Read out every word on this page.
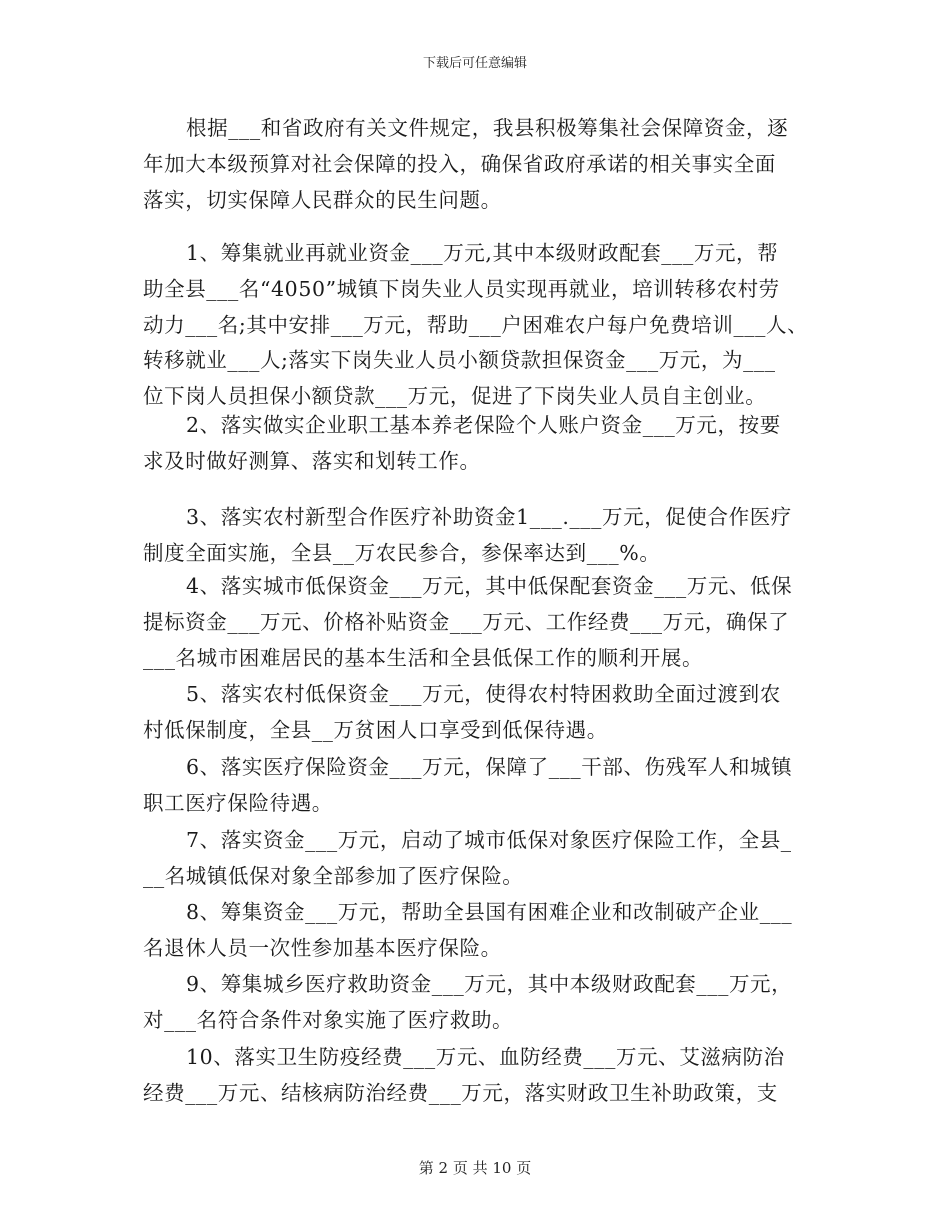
下载后可任意编辑
根据___和省政府有关文件规定，我县积极筹集社会保障资金，逐
年加大本级预算对社会保障的投入，确保省政府承诺的相关事实全面
落实，切实保障人民群众的民生问题。
1、筹集就业再就业资金___万元,其中本级财政配套___万元，帮
助全县___名“4050”城镇下岗失业人员实现再就业，培训转移农村劳
动力___名;其中安排___万元，帮助___户困难农户每户免费培训___人、
转移就业___人;落实下岗失业人员小额贷款担保资金___万元，为___
位下岗人员担保小额贷款___万元，促进了下岗失业人员自主创业。
2、落实做实企业职工基本养老保险个人账户资金___万元，按要
求及时做好测算、落实和划转工作。
3、落实农村新型合作医疗补助资金1___.___万元，促使合作医疗
制度全面实施，全县__万农民参合，参保率达到___%。
4、落实城市低保资金___万元，其中低保配套资金___万元、低保
提标资金___万元、价格补贴资金___万元、工作经费___万元，确保了
___名城市困难居民的基本生活和全县低保工作的顺利开展。
5、落实农村低保资金___万元，使得农村特困救助全面过渡到农
村低保制度，全县__万贫困人口享受到低保待遇。
6、落实医疗保险资金___万元，保障了___干部、伤残军人和城镇
职工医疗保险待遇。
7、落实资金___万元，启动了城市低保对象医疗保险工作，全县_
__名城镇低保对象全部参加了医疗保险。
8、筹集资金___万元，帮助全县国有困难企业和改制破产企业___
名退休人员一次性参加基本医疗保险。
9、筹集城乡医疗救助资金___万元，其中本级财政配套___万元，
对___名符合条件对象实施了医疗救助。
10、落实卫生防疫经费___万元、血防经费___万元、艾滋病防治
经费___万元、结核病防治经费___万元，落实财政卫生补助政策，支
第 2 页 共 10 页
